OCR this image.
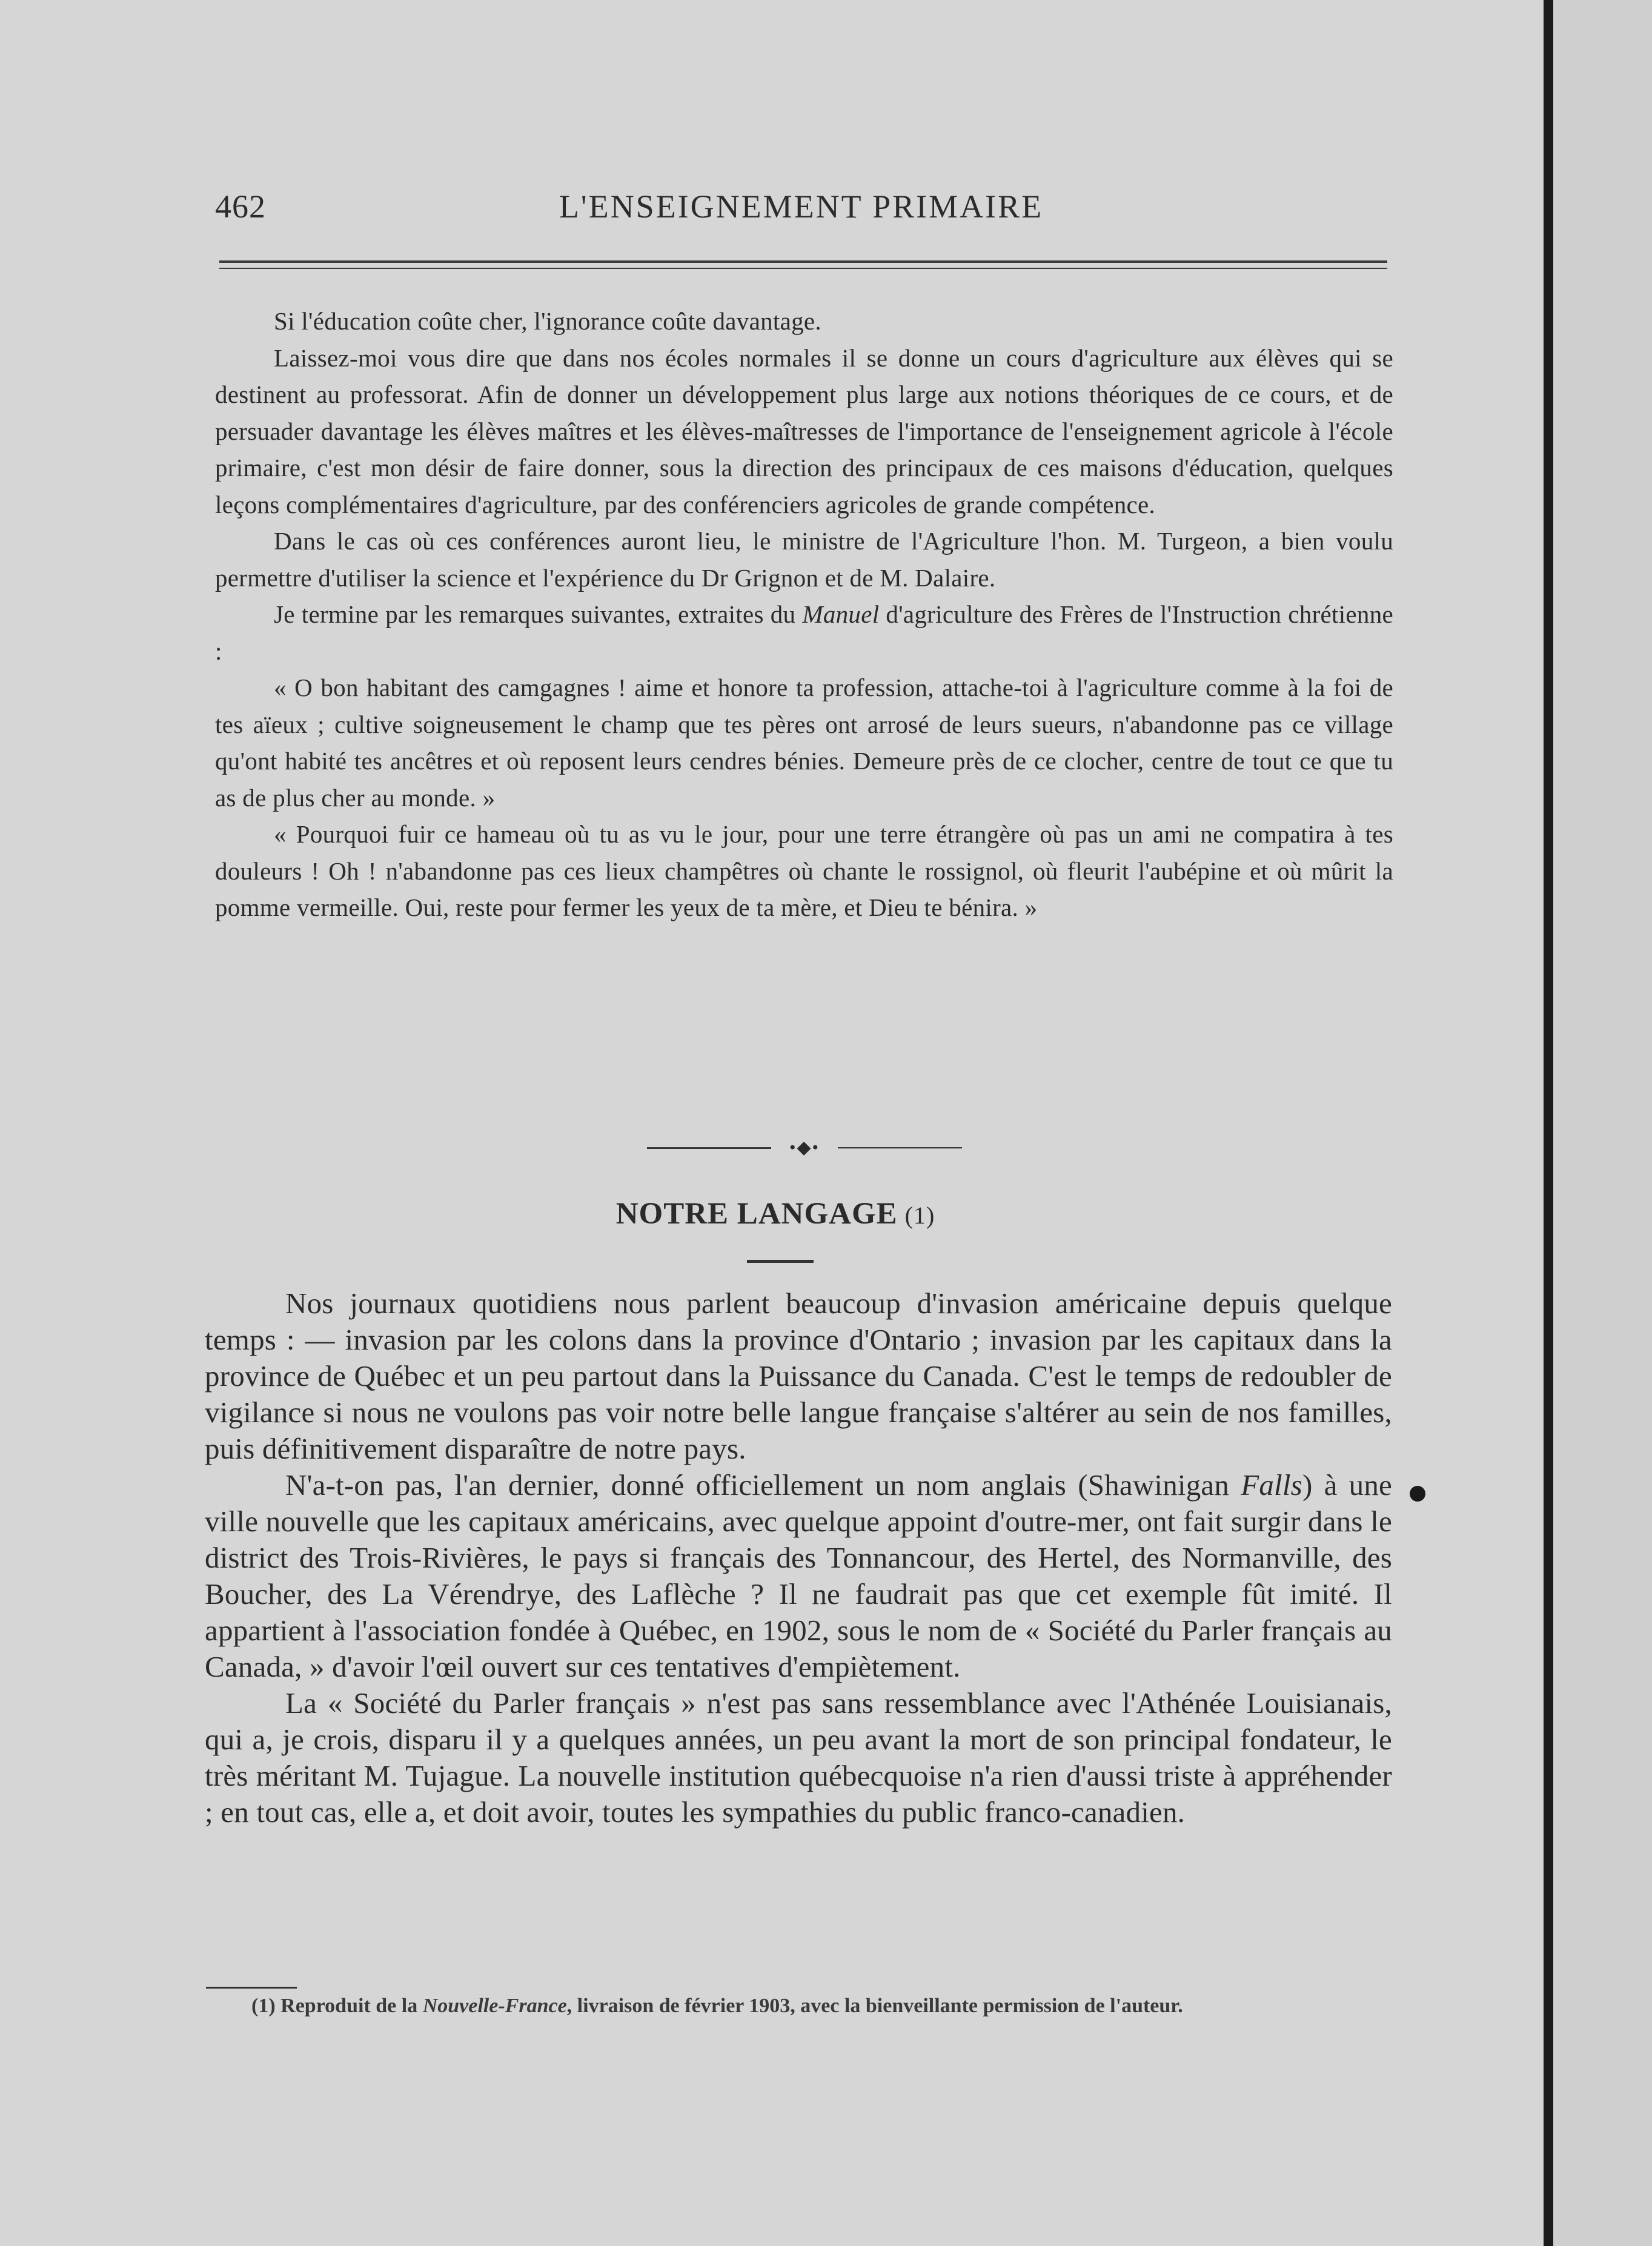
462	L'ENSEIGNEMENT PRIMAIRE

Si l'éducation coûte cher, l'ignorance coûte davantage.

Laissez-moi vous dire que dans nos écoles normales il se donne un cours d'agriculture aux élèves qui se destinent au professorat. Afin de donner un développement plus large aux notions théoriques de ce cours, et de persuader davantage les élèves maîtres et les élèves-maîtresses de l'importance de l'enseignement agricole à l'école primaire, c'est mon désir de faire donner, sous la direction des principaux de ces maisons d'éducation, quelques leçons complémentaires d'agriculture, par des conférenciers agricoles de grande compétence.

Dans le cas où ces conférences auront lieu, le ministre de l'Agriculture l'hon. M. Turgeon, a bien voulu permettre d'utiliser la science et l'expérience du Dr Grignon et de M. Dalaire.

Je termine par les remarques suivantes, extraites du Manuel d'agriculture des Frères de l'Instruction chrétienne :

« O bon habitant des camgagnes ! aime et honore ta profession, attache-toi à l'agriculture comme à la foi de tes aïeux ; cultive soigneusement le champ que tes pères ont arrosé de leurs sueurs, n'abandonne pas ce village qu'ont habité tes ancêtres et où reposent leurs cendres bénies. Demeure près de ce clocher, centre de tout ce que tu as de plus cher au monde. »

« Pourquoi fuir ce hameau où tu as vu le jour, pour une terre étrangère où pas un ami ne compatira à tes douleurs ! Oh ! n'abandonne pas ces lieux champêtres où chante le rossignol, où fleurit l'aubépine et où mûrit la pomme vermeille. Oui, reste pour fermer les yeux de ta mère, et Dieu te bénira. »

•◆•
NOTRE LANGAGE (1)

Nos journaux quotidiens nous parlent beaucoup d'invasion américaine depuis quelque temps : — invasion par les colons dans la province d'Ontario ; invasion par les capitaux dans la province de Québec et un peu partout dans la Puissance du Canada. C'est le temps de redoubler de vigilance si nous ne voulons pas voir notre belle langue française s'altérer au sein de nos familles, puis définitivement disparaître de notre pays.

N'a-t-on pas, l'an dernier, donné officiellement un nom anglais (Shawinigan Falls) à une ville nouvelle que les capitaux américains, avec quelque appoint d'outre-mer, ont fait surgir dans le district des Trois-Rivières, le pays si français des Tonnancour, des Hertel, des Normanville, des Boucher, des La Vérendrye, des Laflèche ? Il ne faudrait pas que cet exemple fût imité. Il appartient à l'association fondée à Québec, en 1902, sous le nom de « Société du Parler français au Canada, » d'avoir l'œil ouvert sur ces tentatives d'empiètement.

La « Société du Parler français » n'est pas sans ressemblance avec l'Athénée Louisianais, qui a, je crois, disparu il y a quelques années, un peu avant la mort de son principal fondateur, le très méritant M. Tujague. La nouvelle institution québecquoise n'a rien d'aussi triste à appréhender ; en tout cas, elle a, et doit avoir, toutes les sympathies du public franco-canadien.

(1) Reproduit de la Nouvelle-France, livraison de février 1903, avec la bienveillante permission de l'auteur.
